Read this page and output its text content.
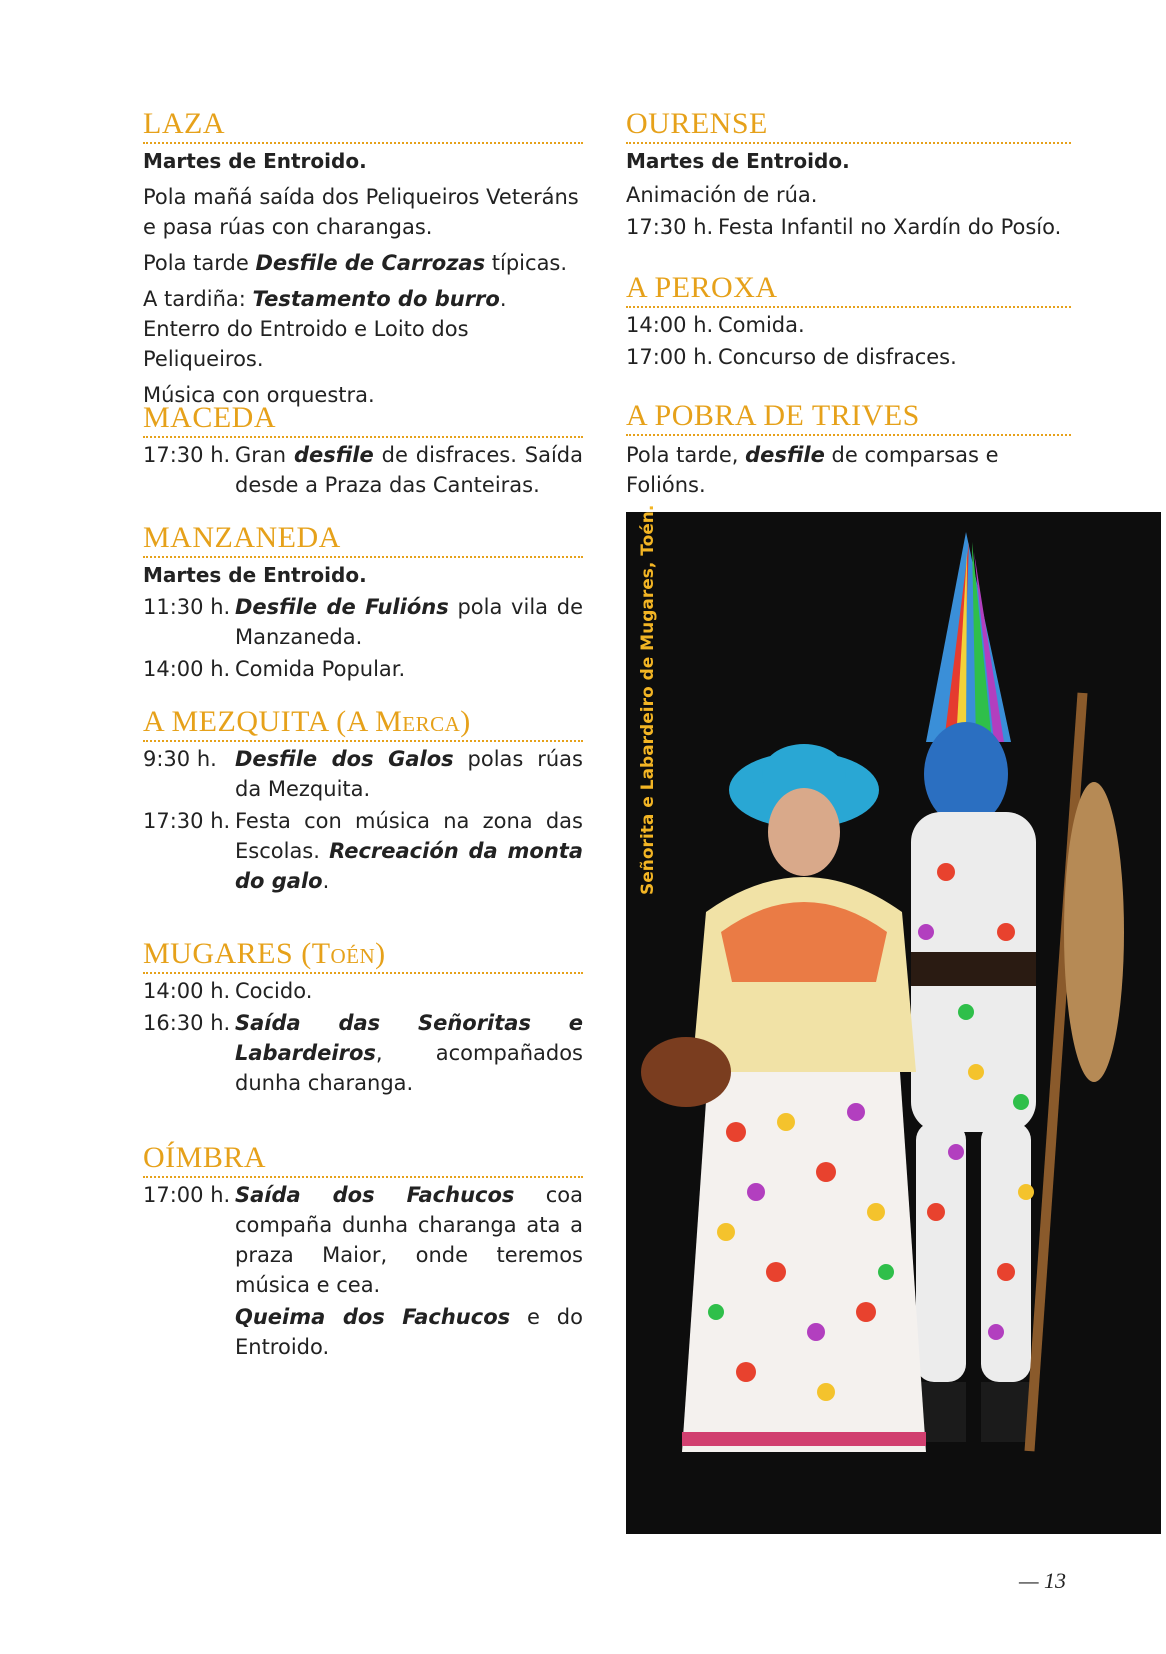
LAZA
Martes de Entroido.
Pola mañá saída dos Peliqueiros Veteráns e pasa rúas con charangas.
Pola tarde Desfile de Carrozas típicas.
A tardiña: Testamento do burro. Enterro do Entroido e Loito dos Peliqueiros.
Música con orquestra.
MACEDA
17:30 h. Gran desfile de disfraces. Saída desde a Praza das Canteiras.
MANZANEDA
Martes de Entroido.
11:30 h. Desfile de Fulións pola vila de Manzaneda.
14:00 h. Comida Popular.
A MEZQUITA (A Merca)
9:30 h. Desfile dos Galos polas rúas da Mezquita.
17:30 h. Festa con música na zona das Escolas. Recreación da monta do galo.
MUGARES (Toén)
14:00 h. Cocido.
16:30 h. Saída das Señoritas e Labardeiros, acompañados dunha charanga.
OÍMBRA
17:00 h. Saída dos Fachucos coa compaña dunha charanga ata a praza Maior, onde teremos música e cea.
Queima dos Fachucos e do Entroido.
OURENSE
Martes de Entroido.
Animación de rúa.
17:30 h. Festa Infantil no Xardín do Posío.
A PEROXA
14:00 h. Comida.
17:00 h. Concurso de disfraces.
A POBRA DE TRIVES
Pola tarde, desfile de comparsas e Folións.
Señorita e Labardeiro de Mugares, Toén.
— 13
